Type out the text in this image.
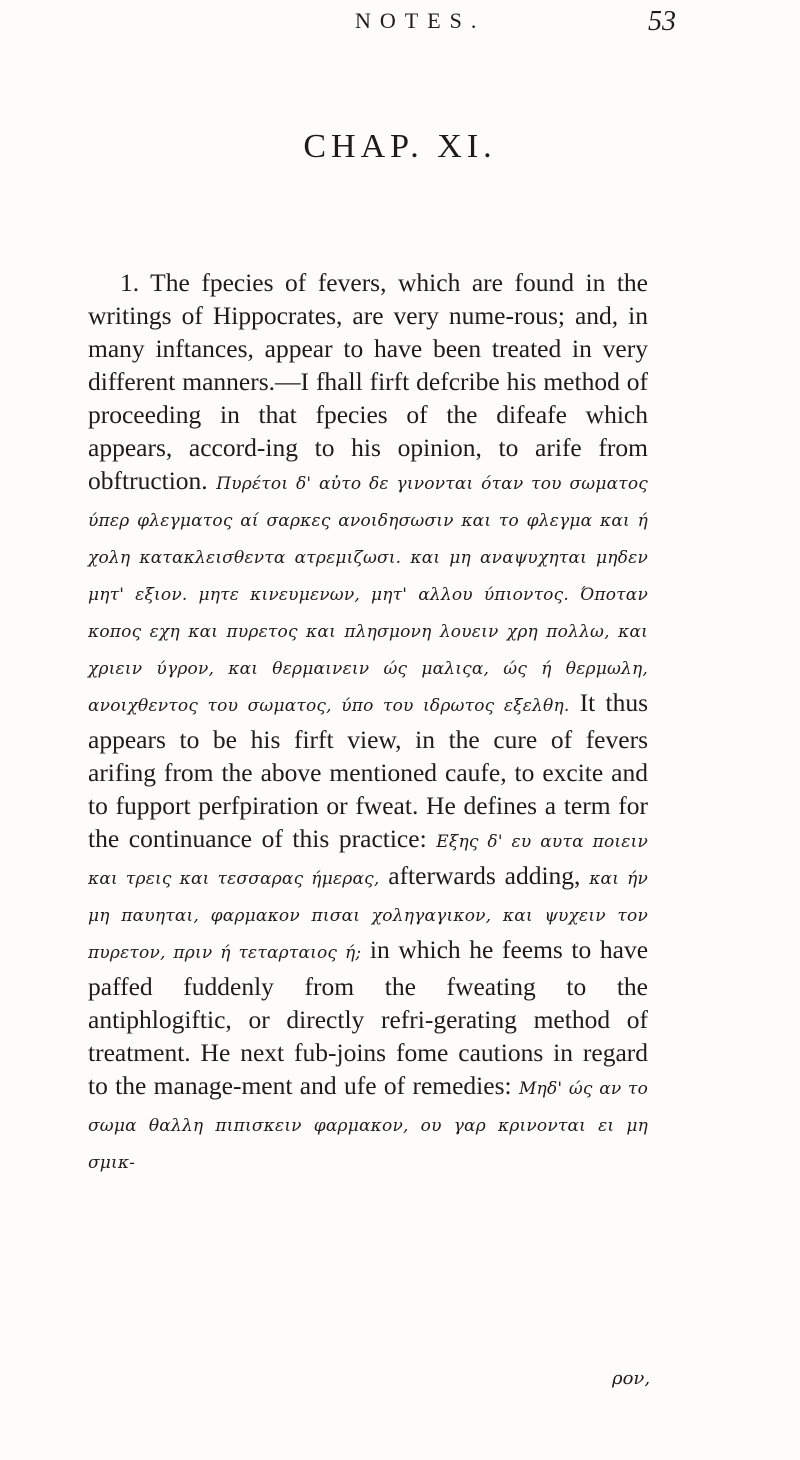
NOTES.	53
CHAP. XI.

1. The fpecies of fevers, which are found in the writings of Hippocrates, are very nume-rous; and, in many inftances, appear to have been treated in very different manners.—I fhall firft defcribe his method of proceeding in that fpecies of the difeafe which appears, accord-ing to his opinion, to arife from obftruction. Πυρέτοι δ' αὐτο δε γινονται όταν του σωματος ύπερ φλεγματος αί σαρκες ανοιδησωσιν και το φλεγμα και ή χολη κατακλεισθεντα ατρεμιζωσι. και μη αναψυχηται μηδεν μητ' εξιον. μητε κινευμενων, μητ' αλλου ύπιοντος. Όποταν κοπος εχη και πυρετος και πλησμονη λουειν χρη πολλω, και χριειν ύγρον, και θερμαινειν ώς μαλιςα, ώς ή θερμωλη, ανοιχθεντος του σωματος, ύπο του ιδρωτος εξελθη. It thus appears to be his firft view, in the cure of fevers arifing from the above mentioned caufe, to excite and to fupport perfpiration or fweat. He defines a term for the continuance of this practice: Εξης δ' ευ αυτα ποιειν και τρεις και τεσσαρας ήμερας, afterwards adding, και ήν μη παυηται, φαρμακον πισαι χοληγαγικον, και ψυχειν τον πυρετον, πριν ή τεταρταιος ή; in which he feems to have paffed fuddenly from the fweating to the antiphlogiftic, or directly refri-gerating method of treatment. He next fub-joins fome cautions in regard to the manage-ment and ufe of remedies: Μηδ' ώς αν το σωμα θαλλη πιπισκειν φαρμακον, ου γαρ κρινονται ει μη σμικ-

ρον,
